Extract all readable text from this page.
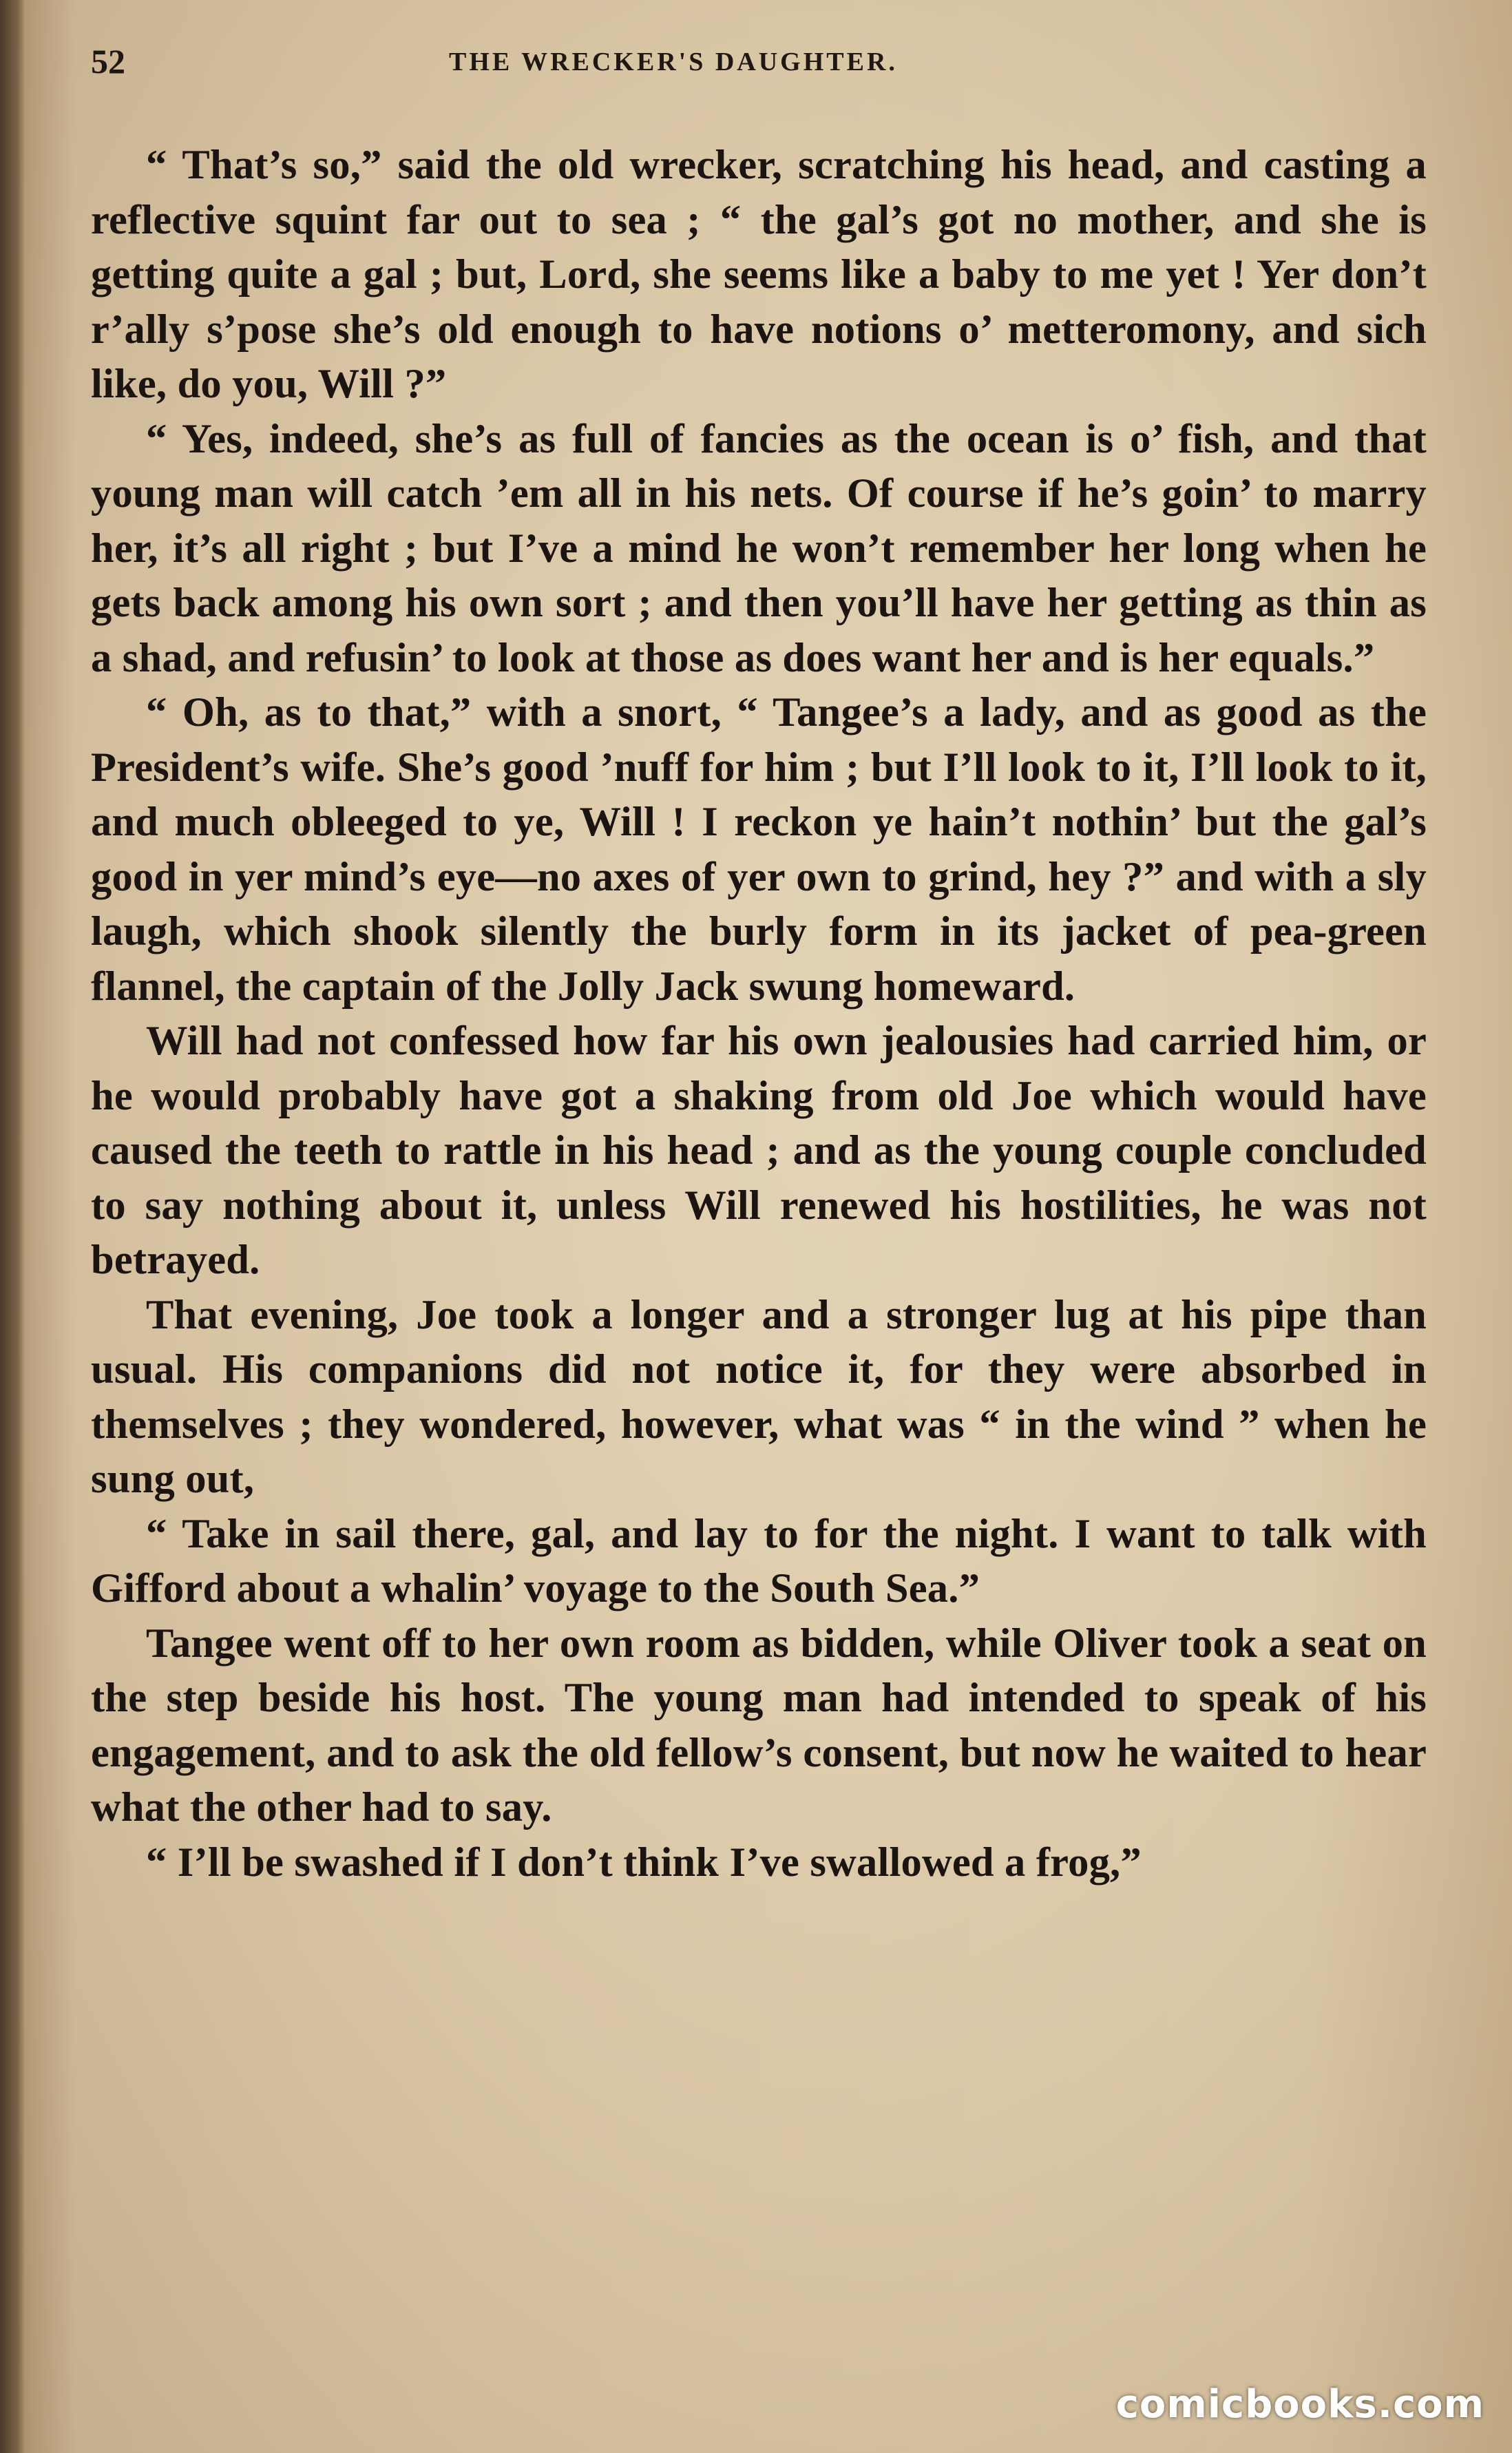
52	THE WRECKER'S DAUGHTER.

“ That’s so,” said the old wrecker, scratching his head, and casting a reflective squint far out to sea ; “ the gal’s got no mother, and she is getting quite a gal ; but, Lord, she seems like a baby to me yet ! Yer don’t r’ally s’pose she’s old enough to have notions o’ metteromony, and sich like, do you, Will ?”

“ Yes, indeed, she’s as full of fancies as the ocean is o’ fish, and that young man will catch ’em all in his nets. Of course if he’s goin’ to marry her, it’s all right ; but I’ve a mind he won’t remember her long when he gets back among his own sort ; and then you’ll have her getting as thin as a shad, and refusin’ to look at those as does want her and is her equals.”

“ Oh, as to that,” with a snort, “ Tangee’s a lady, and as good as the President’s wife. She’s good ’nuff for him ; but I’ll look to it, I’ll look to it, and much obleeged to ye, Will ! I reckon ye hain’t nothin’ but the gal’s good in yer mind’s eye—no axes of yer own to grind, hey ?” and with a sly laugh, which shook silently the burly form in its jacket of pea-green flannel, the captain of the Jolly Jack swung homeward.

Will had not confessed how far his own jealousies had carried him, or he would probably have got a shaking from old Joe which would have caused the teeth to rattle in his head ; and as the young couple concluded to say nothing about it, unless Will renewed his hostilities, he was not betrayed.

That evening, Joe took a longer and a stronger lug at his pipe than usual. His companions did not notice it, for they were absorbed in themselves ; they wondered, however, what was “ in the wind ” when he sung out,

“ Take in sail there, gal, and lay to for the night. I want to talk with Gifford about a whalin’ voyage to the South Sea.”

Tangee went off to her own room as bidden, while Oliver took a seat on the step beside his host. The young man had intended to speak of his engagement, and to ask the old fellow’s consent, but now he waited to hear what the other had to say.

“ I’ll be swashed if I don’t think I’ve swallowed a frog,”

comicbooks.com
